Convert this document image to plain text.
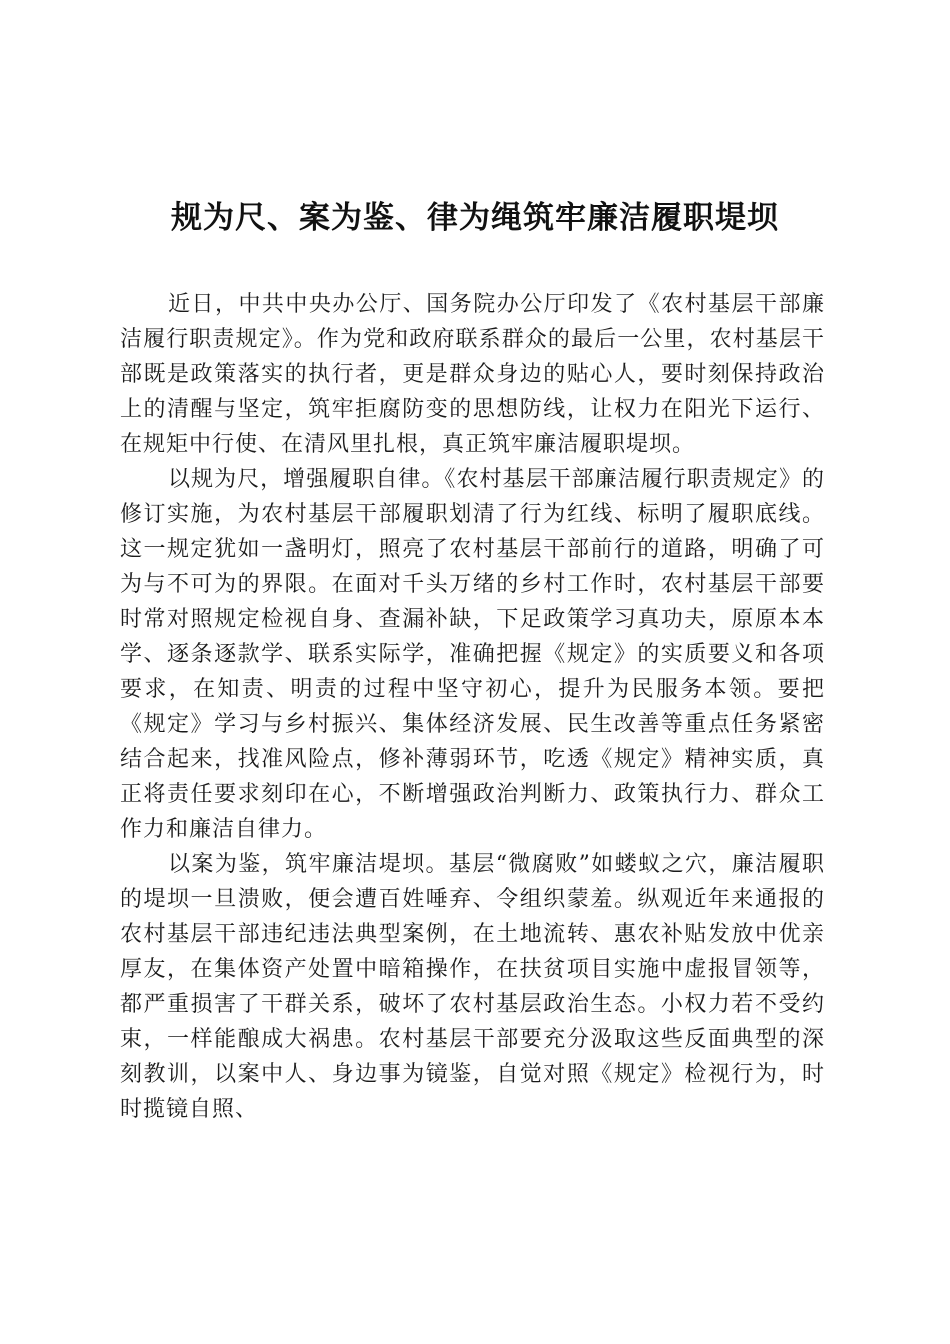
规为尺、案为鉴、律为绳筑牢廉洁履职堤坝

近日，中共中央办公厅、国务院办公厅印发了《农村基层干部廉洁履行职责规定》。作为党和政府联系群众的最后一公里，农村基层干部既是政策落实的执行者，更是群众身边的贴心人，要时刻保持政治上的清醒与坚定，筑牢拒腐防变的思想防线，让权力在阳光下运行、在规矩中行使、在清风里扎根，真正筑牢廉洁履职堤坝。

以规为尺，增强履职自律。《农村基层干部廉洁履行职责规定》的修订实施，为农村基层干部履职划清了行为红线、标明了履职底线。这一规定犹如一盏明灯，照亮了农村基层干部前行的道路，明确了可为与不可为的界限。在面对千头万绪的乡村工作时，农村基层干部要时常对照规定检视自身、查漏补缺，下足政策学习真功夫，原原本本学、逐条逐款学、联系实际学，准确把握《规定》的实质要义和各项要求，在知责、明责的过程中坚守初心，提升为民服务本领。要把《规定》学习与乡村振兴、集体经济发展、民生改善等重点任务紧密结合起来，找准风险点，修补薄弱环节，吃透《规定》精神实质，真正将责任要求刻印在心，不断增强政治判断力、政策执行力、群众工作力和廉洁自律力。

以案为鉴，筑牢廉洁堤坝。基层“微腐败”如蝼蚁之穴，廉洁履职的堤坝一旦溃败，便会遭百姓唾弃、令组织蒙羞。纵观近年来通报的农村基层干部违纪违法典型案例，在土地流转、惠农补贴发放中优亲厚友，在集体资产处置中暗箱操作，在扶贫项目实施中虚报冒领等，都严重损害了干群关系，破坏了农村基层政治生态。小权力若不受约束，一样能酿成大祸患。农村基层干部要充分汲取这些反面典型的深刻教训，以案中人、身边事为镜鉴，自觉对照《规定》检视行为，时时揽镜自照、
